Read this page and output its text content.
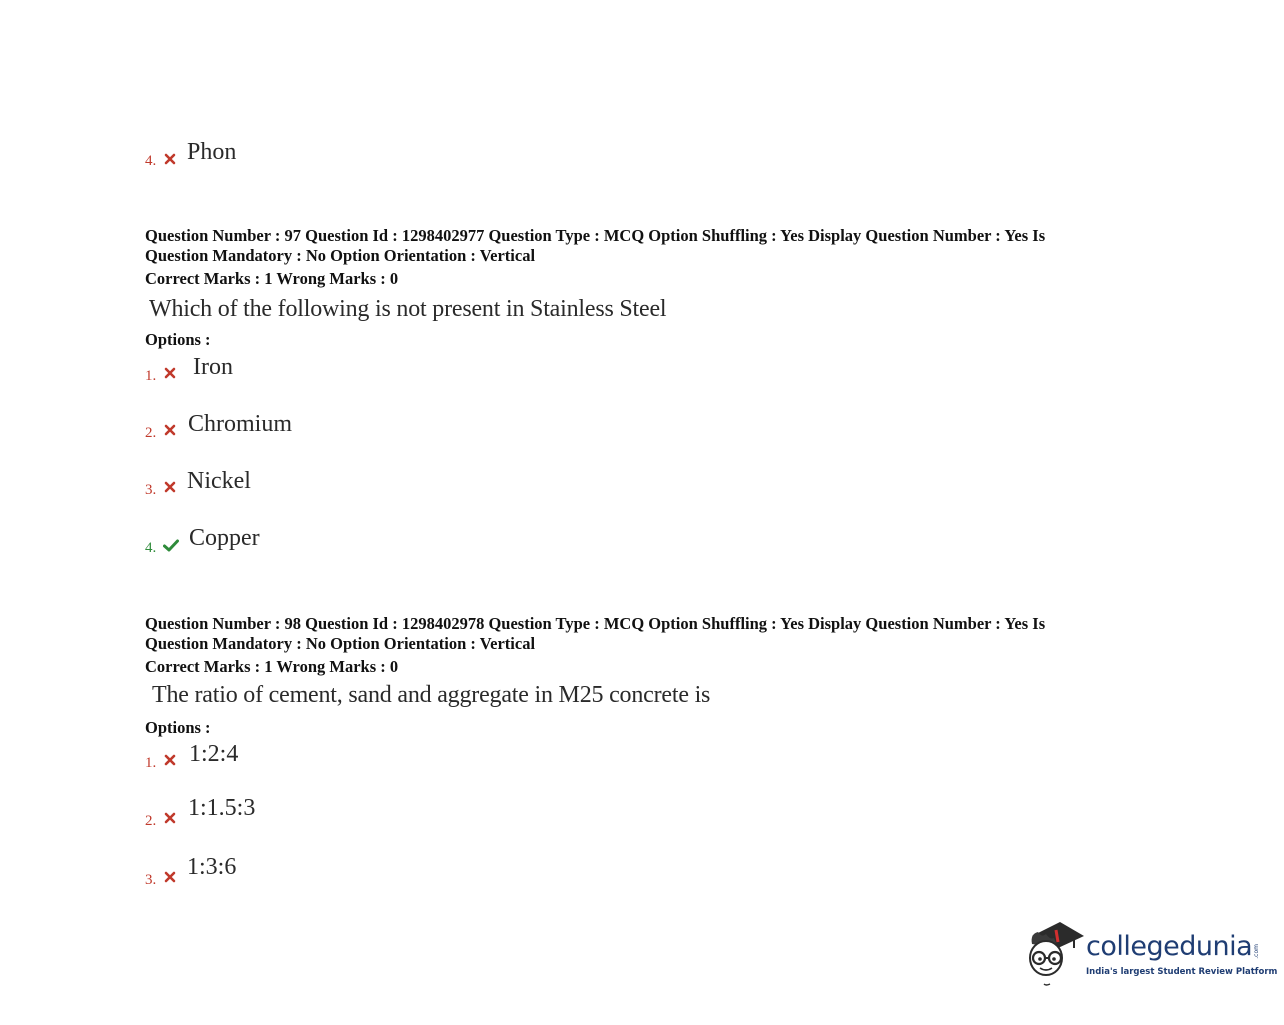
4. Phon
Question Number : 97 Question Id : 1298402977 Question Type : MCQ Option Shuffling : Yes Display Question Number : Yes Is
Question Mandatory : No Option Orientation : Vertical
Correct Marks : 1 Wrong Marks : 0
Which of the following is not present in Stainless Steel
Options :
1. Iron
2. Chromium
3. Nickel
4. Copper
Question Number : 98 Question Id : 1298402978 Question Type : MCQ Option Shuffling : Yes Display Question Number : Yes Is
Question Mandatory : No Option Orientation : Vertical
Correct Marks : 1 Wrong Marks : 0
The ratio of cement, sand and aggregate in M25 concrete is
Options :
1. 1:2:4
2. 1:1.5:3
3. 1:3:6
collegedunia .com
India's largest Student Review Platform
